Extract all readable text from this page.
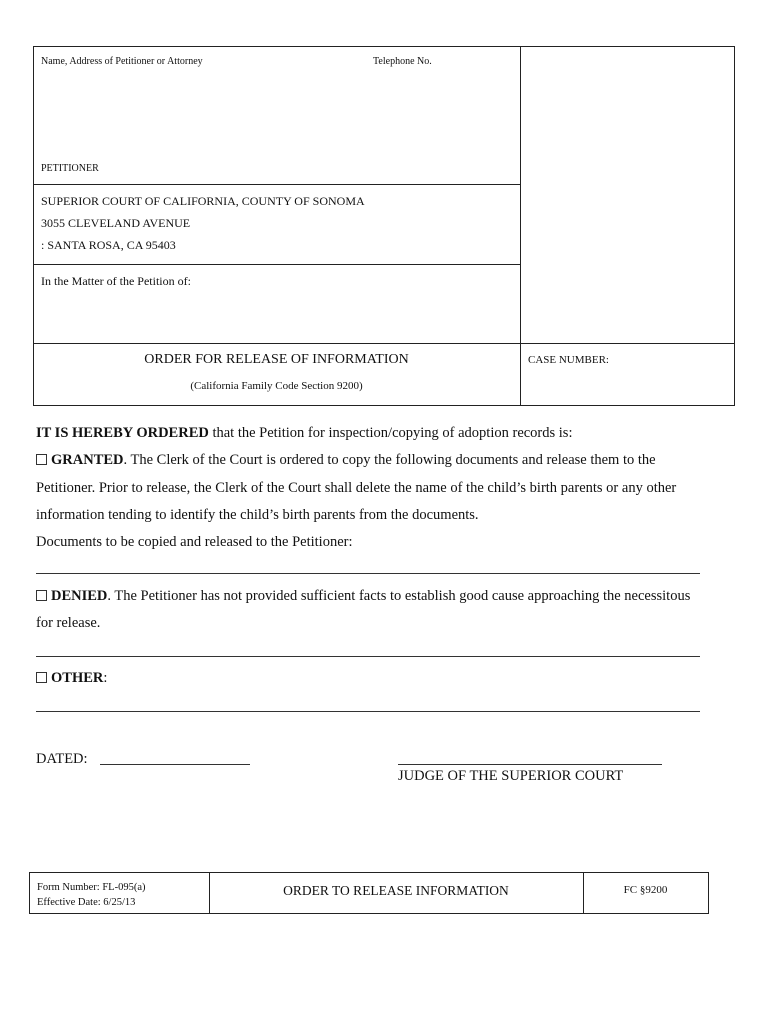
Name, Address of Petitioner or Attorney	Telephone No.
PETITIONER
SUPERIOR COURT OF CALIFORNIA, COUNTY OF SONOMA
3055 CLEVELAND AVENUE
: SANTA ROSA, CA 95403
In the Matter of the Petition of:
ORDER FOR RELEASE OF INFORMATION
(California Family Code Section 9200)
CASE NUMBER:
IT IS HEREBY ORDERED that the Petition for inspection/copying of adoption records is:
GRANTED. The Clerk of the Court is ordered to copy the following documents and release them to the
Petitioner. Prior to release, the Clerk of the Court shall delete the name of the child’s birth parents or any other
information tending to identify the child’s birth parents from the documents.
Documents to be copied and released to the Petitioner:
DENIED. The Petitioner has not provided sufficient facts to establish good cause approaching the necessitous
for release.
OTHER:
DATED:
JUDGE OF THE SUPERIOR COURT
Form Number: FL-095(a)
Effective Date: 6/25/13
ORDER TO RELEASE INFORMATION	FC §9200
